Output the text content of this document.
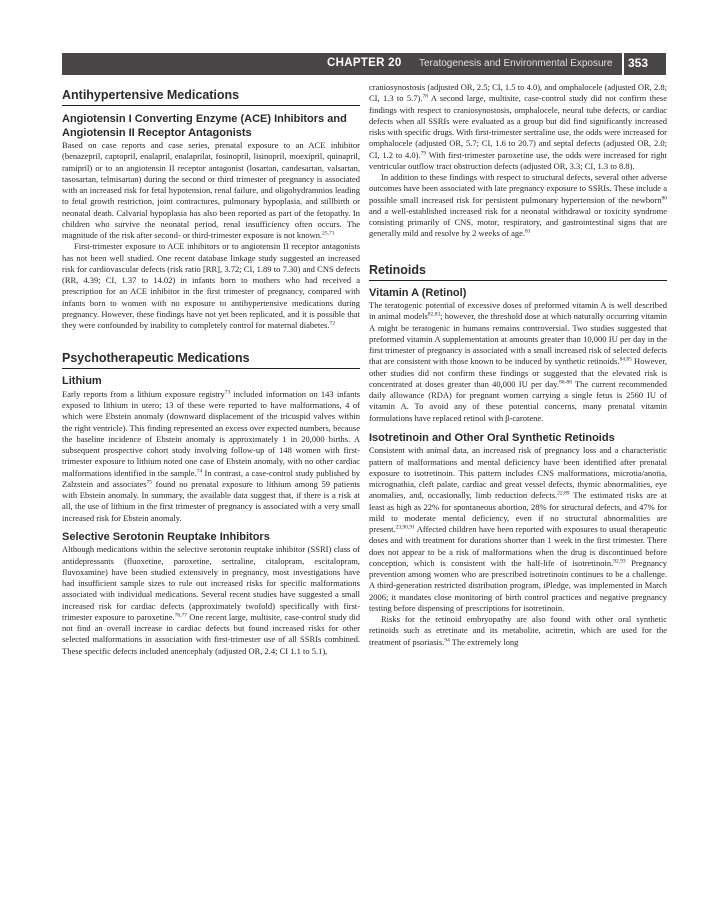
CHAPTER 20 Teratogenesis and Environmental Exposure 353
Antihypertensive Medications
Angiotensin I Converting Enzyme (ACE) Inhibitors and Angiotensin II Receptor Antagonists

Based on case reports and case series, prenatal exposure to an ACE inhibitor (benazepril, captopril, enalapril, enalaprilat, fosinopril, lisinopril, moexipril, quinapril, ramipril) or to an angiotensin II receptor antagonist (losartan, candesartan, valsartan, tasosartan, telmisartan) during the second or third trimester of pregnancy is associated with an increased risk for fetal hypotension, renal failure, and oligohydramnios leading to fetal growth restriction, joint contractures, pulmonary hypoplasia, and stillbirth or neonatal death. Calvarial hypoplasia has also been reported as part of the fetopathy. In children who survive the neonatal period, renal insufficiency often occurs. The magnitude of the risk after second- or third-trimester exposure is not known.$^{25,71}$

First-trimester exposure to ACE inhibitors or to angiotensin II receptor antagonists has not been well studied. One recent database linkage study suggested an increased risk for cardiovascular defects (risk ratio [RR], 3.72; CI, 1.89 to 7.30) and CNS defects (RR, 4.39; CI, 1.37 to 14.02) in infants born to mothers who had received a prescription for an ACE inhibitor in the first trimester of pregnancy, compared with infants born to women with no exposure to antihypertensive medications during pregnancy. However, these findings have not yet been replicated, and it is possible that they were confounded by inability to completely control for maternal diabetes.$^{72}$

Psychotherapeutic Medications
Lithium

Early reports from a lithium exposure registry$^{73}$ included information on 143 infants exposed to lithium in utero; 13 of these were reported to have malformations, 4 of which were Ebstein anomaly (downward displacement of the tricuspid valves within the right ventricle). This finding represented an excess over expected numbers, because the baseline incidence of Ebstein anomaly is approximately 1 in 20,000 births. A subsequent prospective cohort study involving follow-up of 148 women with first-trimester exposure to lithium noted one case of Ebstein anomaly, with no other cardiac malformations identified in the sample.$^{74}$ In contrast, a case-control study published by Zalzstein and associates$^{75}$ found no prenatal exposure to lithium among 59 patients with Ebstein anomaly. In summary, the available data suggest that, if there is a risk at all, the use of lithium in the first trimester of pregnancy is associated with a very small increased risk for Ebstein anomaly.

Selective Serotonin Reuptake Inhibitors

Although medications within the selective serotonin reuptake inhibitor (SSRI) class of antidepressants (fluoxetine, paroxetine, sertraline, citalopram, escitalopram, fluvoxamine) have been studied extensively in pregnancy, most investigations have had insufficient sample sizes to rule out increased risks for specific malformations associated with individual medications. Several recent studies have suggested a small increased risk for cardiac defects (approximately twofold) specifically with first-trimester exposure to paroxetine.$^{76,77}$ One recent large, multisite, case-control study did not find an overall increase in cardiac defects but found increased risks for other selected malformations in association with first-trimester use of all SSRIs combined. These specific defects included anencephaly (adjusted OR, 2.4; CI 1.1 to 5.1),

craniosynostosis (adjusted OR, 2.5; CI, 1.5 to 4.0), and omphalocele (adjusted OR, 2.8; CI, 1.3 to 5.7).$^{78}$ A second large, multisite, case-control study did not confirm these findings with respect to craniosynostosis, omphalocele, neural tube defects, or cardiac defects when all SSRIs were evaluated as a group but did find significantly increased risks with specific drugs. With first-trimester sertraline use, the odds were increased for omphalocele (adjusted OR, 5.7; CI, 1.6 to 20.7) and septal defects (adjusted OR, 2.0; CI, 1.2 to 4.0).$^{79}$ With first-trimester paroxetine use, the odds were increased for right ventricular outflow tract obstruction defects (adjusted OR, 3.3; CI, 1.3 to 8.8).

In addition to these findings with respect to structural defects, several other adverse outcomes have been associated with late pregnancy exposure to SSRIs. These include a possible small increased risk for persistent pulmonary hypertension of the newborn$^{80}$ and a well-established increased risk for a neonatal withdrawal or toxicity syndrome consisting primarily of CNS, motor, respiratory, and gastrointestinal signs that are generally mild and resolve by 2 weeks of age.$^{81}$

Retinoids
Vitamin A (Retinol)

The teratogenic potential of excessive doses of preformed vitamin A is well described in animal models$^{82,83}$; however, the threshold dose at which naturally occurring vitamin A might be teratogenic in humans remains controversial. Two studies suggested that preformed vitamin A supplementation at amounts greater than 10,000 IU per day in the first trimester of pregnancy is associated with a small increased risk of selected defects that are consistent with those known to be induced by synthetic retinoids.$^{84,85}$ However, other studies did not confirm these findings or suggested that the elevated risk is concentrated at doses greater than 40,000 IU per day.$^{86-88}$ The current recommended daily allowance (RDA) for pregnant women carrying a single fetus is 2560 IU of vitamin A. To avoid any of these potential concerns, many prenatal vitamin formulations have replaced retinol with β-carotene.

Isotretinoin and Other Oral Synthetic Retinoids

Consistent with animal data, an increased risk of pregnancy loss and a characteristic pattern of malformations and mental deficiency have been identified after prenatal exposure to isotretinoin. This pattern includes CNS malformations, microtia/anotia, micrognathia, cleft palate, cardiac and great vessel defects, thymic abnormalities, eye anomalies, and, occasionally, limb reduction defects.$^{22,89}$ The estimated risks are at least as high as 22% for spontaneous abortion, 28% for structural defects, and 47% for mild to moderate mental deficiency, even if no structural abnormalities are present.$^{23,90,91}$ Affected children have been reported with exposures to usual therapeutic doses and with treatment for durations shorter than 1 week in the first trimester. There does not appear to be a risk of malformations when the drug is discontinued before conception, which is consistent with the half-life of isotretinoin.$^{92,93}$ Pregnancy prevention among women who are prescribed isotretinoin continues to be a challenge. A third-generation restricted distribution program, iPledge, was implemented in March 2006; it mandates close monitoring of birth control practices and negative pregnancy testing before dispensing of prescriptions for isotretinoin.

Risks for the retinoid embryopathy are also found with other oral synthetic retinoids such as etretinate and its metabolite, acitretin, which are used for the treatment of psoriasis.$^{94}$ The extremely long
